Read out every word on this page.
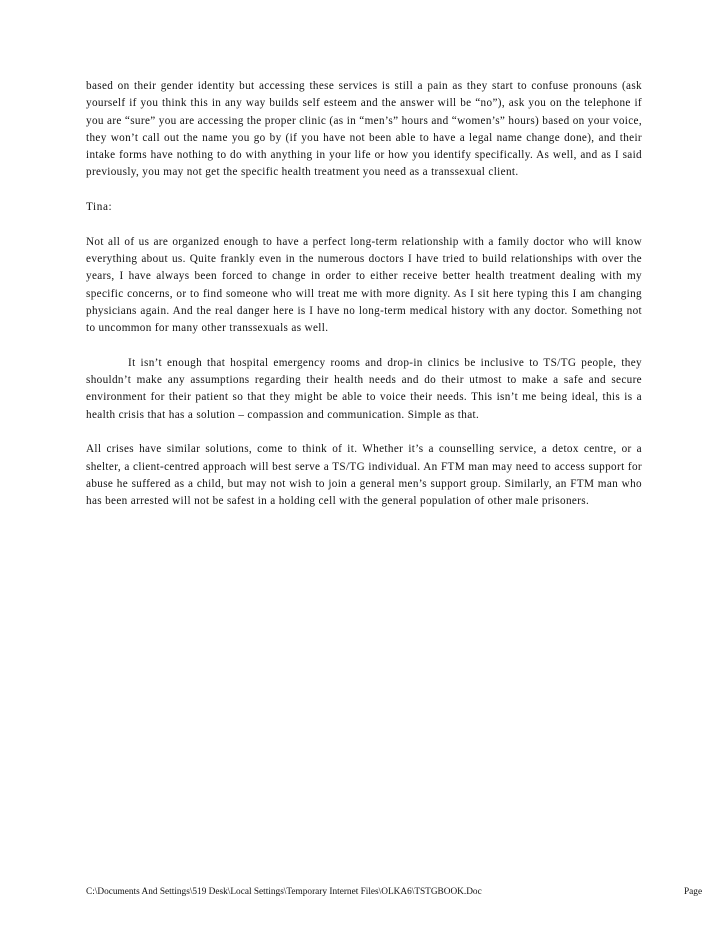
based on their gender identity but accessing these services is still a pain as they start to confuse pronouns (ask yourself if you think this in any way builds self esteem and the answer will be “no”), ask you on the telephone if you are “sure” you are accessing the proper clinic (as in “men’s” hours and “women’s” hours) based on your voice, they won’t call out the name you go by (if you have not been able to have a legal name change done), and their intake forms have nothing to do with anything in your life or how you identify specifically. As well, and as I said previously, you may not get the specific health treatment you need as a transsexual client.

Tina:

Not all of us are organized enough to have a perfect long-term relationship with a family doctor who will know everything about us. Quite frankly even in the numerous doctors I have tried to build relationships with over the years, I have always been forced to change in order to either receive better health treatment dealing with my specific concerns, or to find someone who will treat me with more dignity. As I sit here typing this I am changing physicians again. And the real danger here is I have no long-term medical history with any doctor. Something not to uncommon for many other transsexuals as well.

It isn’t enough that hospital emergency rooms and drop-in clinics be inclusive to TS/TG people, they shouldn’t make any assumptions regarding their health needs and do their utmost to make a safe and secure environment for their patient so that they might be able to voice their needs. This isn’t me being ideal, this is a health crisis that has a solution – compassion and communication. Simple as that.

All crises have similar solutions, come to think of it. Whether it’s a counselling service, a detox centre, or a shelter, a client-centred approach will best serve a TS/TG individual. An FTM man may need to access support for abuse he suffered as a child, but may not wish to join a general men’s support group. Similarly, an FTM man who has been arrested will not be safest in a holding cell with the general population of other male prisoners.

C:\Documents And Settings\519 Desk\Local Settings\Temporary Internet Files\OLKA6\TSTGBOOK.Doc	Page
